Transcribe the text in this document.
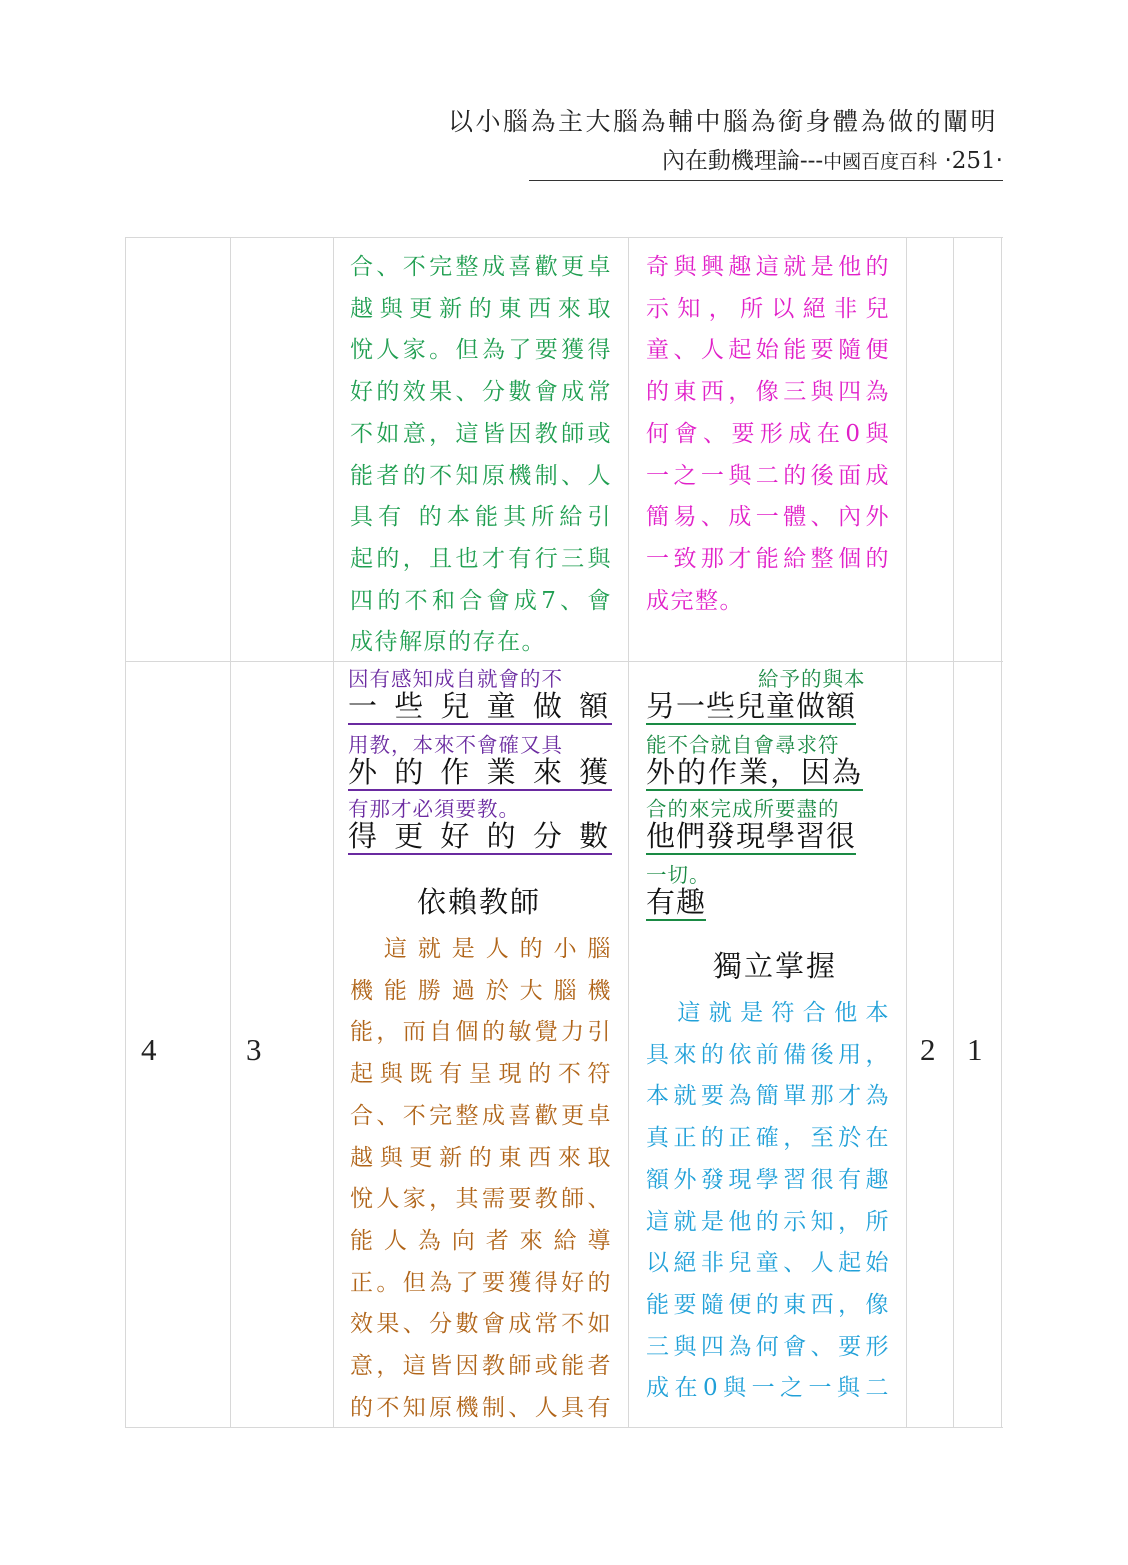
以小腦為主大腦為輔中腦為銜身體為做的闡明
內在動機理論---中國百度百科 ‧251‧
合、不完整成喜歡更卓
越與更新的東西來取
悅人家。但為了要獲得
好的效果、分數會成常
不如意，這皆因教師或
能者的不知原機制、人
具有 的本能其所給引
起的，且也才有行三與
四的不和合會成7、會
成待解原的存在。
奇與興趣這就是他的
示知，所以絕非兒
童、人起始能要隨便
的東西，像三與四為
何會、要形成在0與
一之一與二的後面成
簡易、成一體、內外
一致那才能給整個的
成完整。
4	3	2 1
因有感知成自就會的不
一 些 兒 童 做 額
用教，本來不會確又具
外 的 作 業 來 獲
有那才必須要教。
得 更 好 的 分 數
依賴教師
　這就是人的小腦
機能勝過於大腦機
能，而自個的敏覺力引
起與既有呈現的不符
合、不完整成喜歡更卓
越與更新的東西來取
悅人家，其需要教師、
能人為向者來給導
正。但為了要獲得好的
效果、分數會成常不如
意，這皆因教師或能者
的不知原機制、人具有
給予的與本
另一些兒童做額
能不合就自會尋求符
外的作業，因為
合的來完成所要盡的
他們發現學習很
一切。
有趣
獨立掌握
　這就是符合他本
具來的依前備後用，
本就要為簡單那才為
真正的正確，至於在
額外發現學習很有趣
這就是他的示知，所
以絕非兒童、人起始
能要隨便的東西，像
三與四為何會、要形
成在0與一之一與二
